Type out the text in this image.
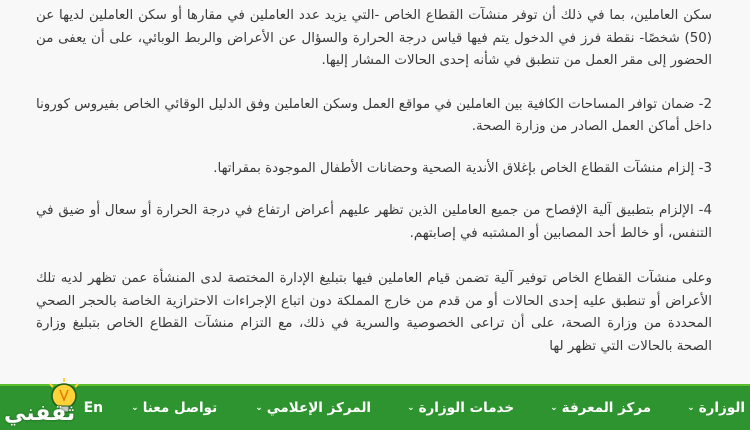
سكن العاملين، بما في ذلك أن توفر منشآت القطاع الخاص -التي يزيد عدد العاملين في مقارها أو سكن العاملين لديها عن (50) شخصًا- نقطة فرز في الدخول يتم فيها قياس درجة الحرارة والسؤال عن الأعراض والربط الوبائي، على أن يعفى من الحضور إلى مقر العمل من تنطبق في شأنه إحدى الحالات المشار إليها.

2- ضمان توافر المساحات الكافية بين العاملين في مواقع العمل وسكن العاملين وفق الدليل الوقائي الخاص بفيروس كورونا داخل أماكن العمل الصادر من وزارة الصحة.

3- إلزام منشآت القطاع الخاص بإغلاق الأندية الصحية وحضانات الأطفال الموجودة بمقراتها.

4- الإلزام بتطبيق آلية الإفصاح من جميع العاملين الذين تظهر عليهم أعراض ارتفاع في درجة الحرارة أو سعال أو ضيق في التنفس، أو خالط أحد المصابين أو المشتبه في إصابتهم.

وعلى منشآت القطاع الخاص توفير آلية تضمن قيام العاملين فيها بتبليغ الإدارة المختصة لدى المنشأة عمن تظهر لديه تلك الأعراض أو تنطبق عليه إحدى الحالات أو من قدم من خارج المملكة دون اتباع الإجراءات الاحترازية الخاصة بالحجر الصحي المحددة من وزارة الصحة، على أن تراعى الخصوصية والسرية في ذلك، مع التزام منشآت القطاع الخاص بتبليغ وزارة الصحة بالحالات التي تظهر لها

الوزارة
⌄
مركز المعرفة
⌄
خدمات الوزارة
⌄
المركز الإعلامي
⌄
تواصل معنا
⌄
En
ثقفني
